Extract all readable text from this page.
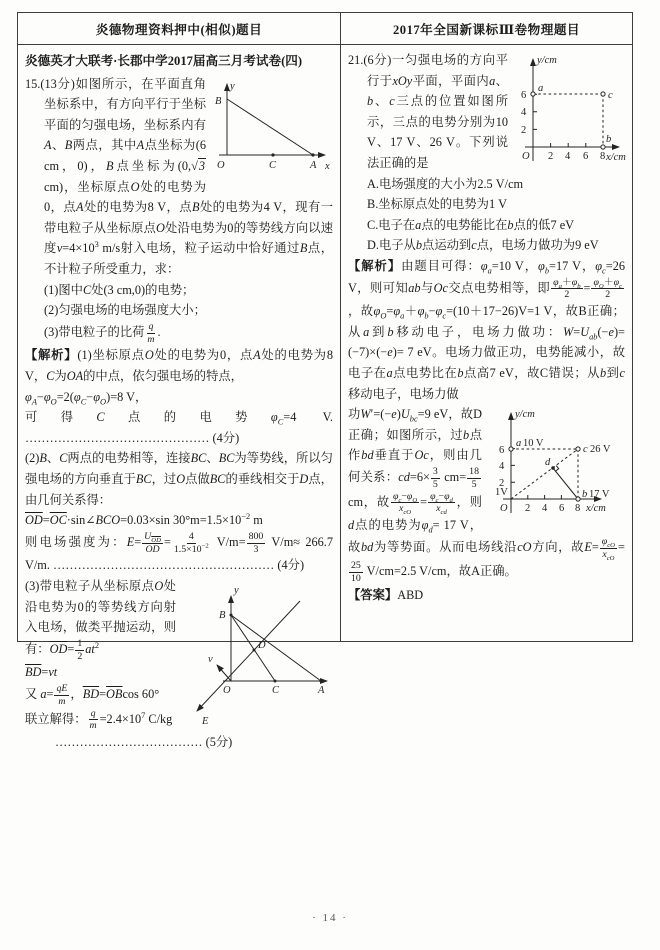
炎德物理资料押中(相似)题目	2017年全国新课标Ⅲ卷物理题目
炎德英才大联考·长郡中学2017届高三月考试卷(四)
y
x
B
O	C	A
15.(13分)如图所示，在平面直角坐标系中，有方向平行于坐标平面的匀强电场，坐标系内有A、B两点，其中A点坐标为(6 cm，0)，B点坐标为(0,√3 cm)，坐标原点O处的电势为0，点A处的电势为8 V，点B处的电势为4 V，现有一带电粒子从坐标原点O处沿电势为0的等势线方向以速度$v=4\times 10^3$ m/s射入电场，粒子运动中恰好通过B点，不计粒子所受重力，求：
(1)图中C处(3 cm,0)的电势；
(2)匀强电场的电场强度大小；
(3)带电粒子的比荷 $\frac{q}{m}$ .
【解析】(1)坐标原点O处的电势为0，点A处的电势为8 V，C为OA的中点，依匀强电场的特点，
$\varphi_A-\varphi_O=2(\varphi_C-\varphi_O)=8$ V，
可得C点的电势$\varphi_C=4$ V. ……………………………………… (4分)
(2)B、C两点的电势相等，连接BC、BC为等势线，所以匀强电场的方向垂直于BC，过O点做BC的垂线相交于D点，由几何关系得：
$\overline{OD}=\overline{OC}\cdot\sin\angle BCO=0.03\times\sin$ $30^\circ m=1.5\times 10^{-2}$ m
则电场强度为：$E= \frac{U_{\overline{OD}}}{OD} = \frac{4}{1.5\times 10^{-2}} V/m= \frac{800}{3} V/m\approx 266.7$ V/m. ……………………………………………… (4分)
y
B
D
v
O	C	A
E
(3)带电粒子从坐标原点O处沿电势为0的等势线方向射入电场，做类平抛运动，则有：$\overline{OD}= \frac{1}{2} at^2$
$\overline{BD}=vt$
又 $a= \frac{qE}{m}$ ，$\overline{BD}=\overline{OB}\cos$ 60°
联立解得： $\frac{q}{m} =2.4\times 10^7$ C/kg
……………………………… (5分)
y/cm
x/cm
O 2 4 6 8
6
4
2
a
c
b
21.(6分)一匀强电场的方向平行于xOy平面，平面内a、b、c三点的位置如图所示，三点的电势分别为10 V、17 V、26 V。下列说法正确的是
A.电场强度的大小为2.5 V/cm
B.坐标原点处的电势为1 V
C.电子在a点的电势能比在b点的低7 eV
D.电子从b点运动到c点，电场力做功为9 eV
【解析】由题目可得：$\varphi_a=10$ V，$\varphi_b=17$ V，$\varphi_c=26$ V，则可知ab与Oc交点电势相等，即 $\frac{\varphi_a+\varphi_b}{2} = \frac{\varphi_O+\varphi_c}{2}$
，故$\varphi_O=\varphi_a+\varphi_b-\varphi_c=(10+17-26)V=1$ V，故B正确；从a到b移动电子，电场力做功：$W=U_{ab}(-e)=(-7)\times(-e)= 7$ eV。电场力做正功，电势能减小，故电子在a点电势比在b点高7 eV，故C错误；从b到c移动电子，电场力做
y/cm
x/cm
O 2 4 6 8
6
4
2
1V
a 10 V
c 26 V
b 17 V
d
功$W'=(-e)U_{bc}=9$ eV，故D正确；如图所示，过b点作bd垂直于Oc，则由几何关系：$cd=6\times \frac{3}{5} cm= \frac{18}{5}$
cm，故 $\frac{\varphi_c-\varphi_O}{x_{cO}} = \frac{\varphi_c-\varphi_d}{x_{cd}}$ ，则d点的电势为$\varphi_d= 17$ V，故bd为等势面。从而电场线沿cO方向，故$E= \frac{\varphi_{cO}}{x_{cO}}$ =
$\frac{25}{10} V/cm=2.5$ V/cm，故A正确。
【答案】ABD
· 14 ·
